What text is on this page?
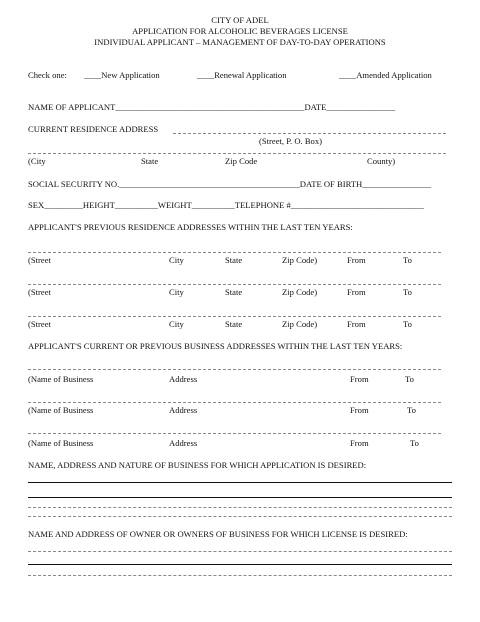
CITY OF ADEL
APPLICATION FOR ALCOHOLIC BEVERAGES LICENSE
INDIVIDUAL APPLICANT – MANAGEMENT OF DAY-TO-DAY OPERATIONS
Check one: ____New Application	____Renewal Application	____Amended Application
NAME OF APPLICANT____________________________________________DATE________________
CURRENT RESIDENCE ADDRESS
(Street, P. O. Box)
(City	State	Zip Code	County)
SOCIAL SECURITY NO.__________________________________________DATE OF BIRTH________________
SEX_________HEIGHT__________WEIGHT__________TELEPHONE #_______________________________
APPLICANT'S PREVIOUS RESIDENCE ADDRESSES WITHIN THE LAST TEN YEARS:
(Street	City	State	Zip Code)	From	To
(Street	City	State	Zip Code)	From	To
(Street	City	State	Zip Code)	From	To
APPLICANT'S CURRENT OR PREVIOUS BUSINESS ADDRESSES WITHIN THE LAST TEN YEARS:
(Name of Business	Address	From	To
(Name of Business	Address	From	To
(Name of Business	Address	From	To
NAME, ADDRESS AND NATURE OF BUSINESS FOR WHICH APPLICATION IS DESIRED:
NAME AND ADDRESS OF OWNER OR OWNERS OF BUSINESS FOR WHICH LICENSE IS DESIRED:
